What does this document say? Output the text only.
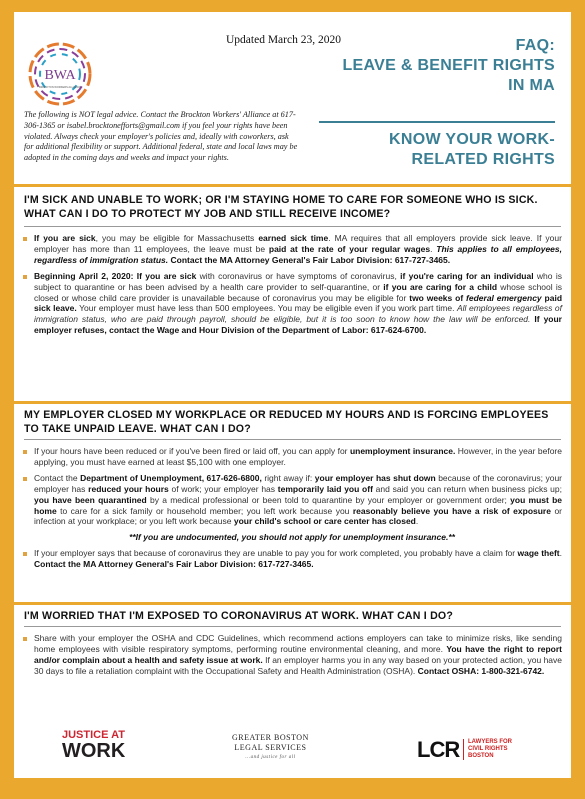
BWA
BROCKTON WORKERS ALLIANCE
Updated March 23, 2020	FAQ:
LEAVE & BENEFIT RIGHTS
IN MA
KNOW YOUR WORK-
RELATED RIGHTS
The following is NOT legal advice. Contact the Brockton Workers' Alliance at 617-306-1365 or isabel.brocktonefforts@gmail.com if you feel your rights have been violated. Always check your employer's policies and, ideally with coworkers, ask for additional flexibility or support. Additional federal, state and local laws may be adopted in the coming days and weeks and impact your rights.
I'M SICK AND UNABLE TO WORK; OR I'M STAYING HOME TO CARE FOR SOMEONE WHO IS SICK. WHAT CAN I DO TO PROTECT MY JOB AND STILL RECEIVE INCOME?
If you are sick, you may be eligible for Massachusetts earned sick time. MA requires that all employers provide sick leave. If your employer has more than 11 employees, the leave must be paid at the rate of your regular wages. This applies to all employees, regardless of immigration status. Contact the MA Attorney General's Fair Labor Division: 617-727-3465.
Beginning April 2, 2020: If you are sick with coronavirus or have symptoms of coronavirus, if you're caring for an individual who is subject to quarantine or has been advised by a health care provider to self-quarantine, or if you are caring for a child whose school is closed or whose child care provider is unavailable because of coronavirus you may be eligible for two weeks of federal emergency paid sick leave. Your employer must have less than 500 employees. You may be eligible even if you work part time. All employees regardless of immigration status, who are paid through payroll, should be eligible, but it is too soon to know how the law will be enforced. If your employer refuses, contact the Wage and Hour Division of the Department of Labor: 617-624-6700.
MY EMPLOYER CLOSED MY WORKPLACE OR REDUCED MY HOURS AND IS FORCING EMPLOYEES TO TAKE UNPAID LEAVE. WHAT CAN I DO?
If your hours have been reduced or if you've been fired or laid off, you can apply for unemployment insurance. However, in the year before applying, you must have earned at least $5,100 with one employer.
Contact the Department of Unemployment, 617-626-6800, right away if: your employer has shut down because of the coronavirus; your employer has reduced your hours of work; your employer has temporarily laid you off and said you can return when business picks up; you have been quarantined by a medical professional or been told to quarantine by your employer or government order; you must be home to care for a sick family or household member; you left work because you reasonably believe you have a risk of exposure or infection at your workplace; or you left work because your child's school or care center has closed.
**If you are undocumented, you should not apply for unemployment insurance.**
If your employer says that because of coronavirus they are unable to pay you for work completed, you probably have a claim for wage theft. Contact the MA Attorney General's Fair Labor Division: 617-727-3465.
I'M WORRIED THAT I'M EXPOSED TO CORONAVIRUS AT WORK. WHAT CAN I DO?
Share with your employer the OSHA and CDC Guidelines, which recommend actions employers can take to minimize risks, like sending home employees with visible respiratory symptoms, performing routine environmental cleaning, and more. You have the right to report and/or complain about a health and safety issue at work. If an employer harms you in any way based on your protected action, you have 30 days to file a retaliation complaint with the Occupational Safety and Health Administration (OSHA). Contact OSHA: 1-800-321-6742.
JUSTICE AT
WORK
GREATER BOSTON
LEGAL SERVICES
...and justice for all	LCR LAWYERS FOR
CIVIL RIGHTS
BOSTON
